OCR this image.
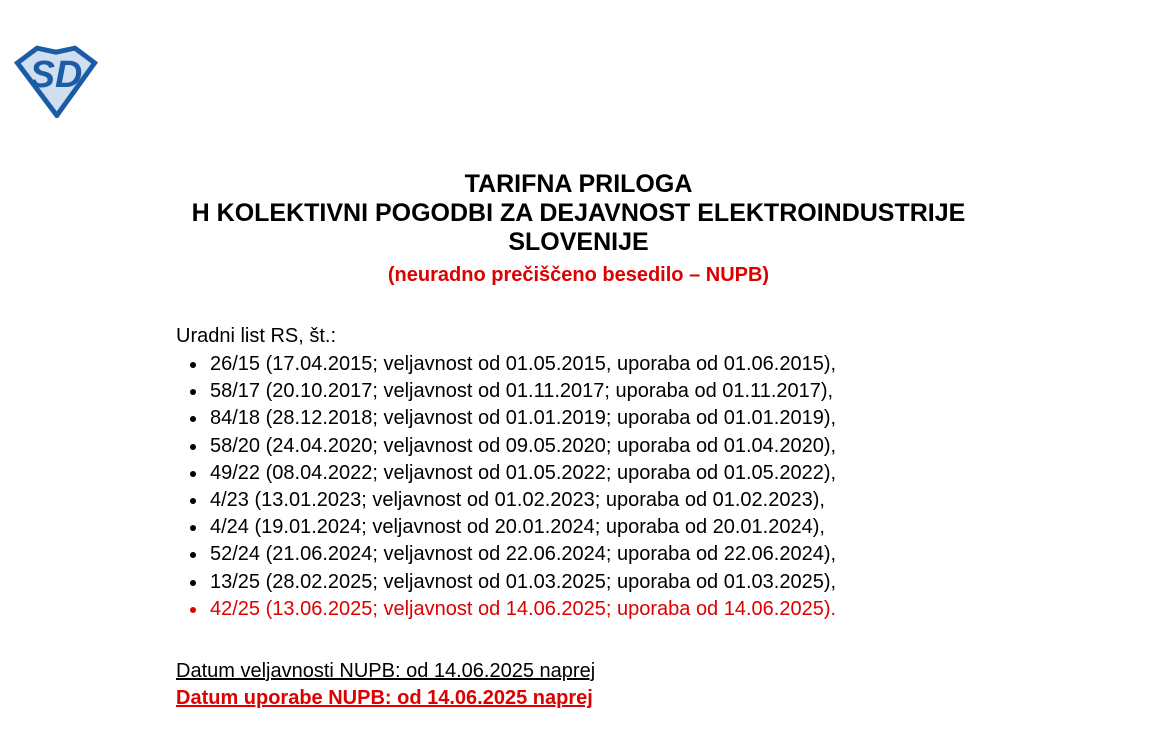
SD
TARIFNA PRILOGA
H KOLEKTIVNI POGODBI ZA DEJAVNOST ELEKTROINDUSTRIJE
SLOVENIJE
(neuradno prečiščeno besedilo – NUPB)

Uradni list RS, št.:

• 26/15 (17.04.2015; veljavnost od 01.05.2015, uporaba od 01.06.2015),
• 58/17 (20.10.2017; veljavnost od 01.11.2017; uporaba od 01.11.2017),
• 84/18 (28.12.2018; veljavnost od 01.01.2019; uporaba od 01.01.2019),
• 58/20 (24.04.2020; veljavnost od 09.05.2020; uporaba od 01.04.2020),
• 49/22 (08.04.2022; veljavnost od 01.05.2022; uporaba od 01.05.2022),
• 4/23 (13.01.2023; veljavnost od 01.02.2023; uporaba od 01.02.2023),
• 4/24 (19.01.2024; veljavnost od 20.01.2024; uporaba od 20.01.2024),
• 52/24 (21.06.2024; veljavnost od 22.06.2024; uporaba od 22.06.2024),
• 13/25 (28.02.2025; veljavnost od 01.03.2025; uporaba od 01.03.2025),
• 42/25 (13.06.2025; veljavnost od 14.06.2025; uporaba od 14.06.2025).
Datum veljavnosti NUPB: od 14.06.2025 naprej
Datum uporabe NUPB: od 14.06.2025 naprej
